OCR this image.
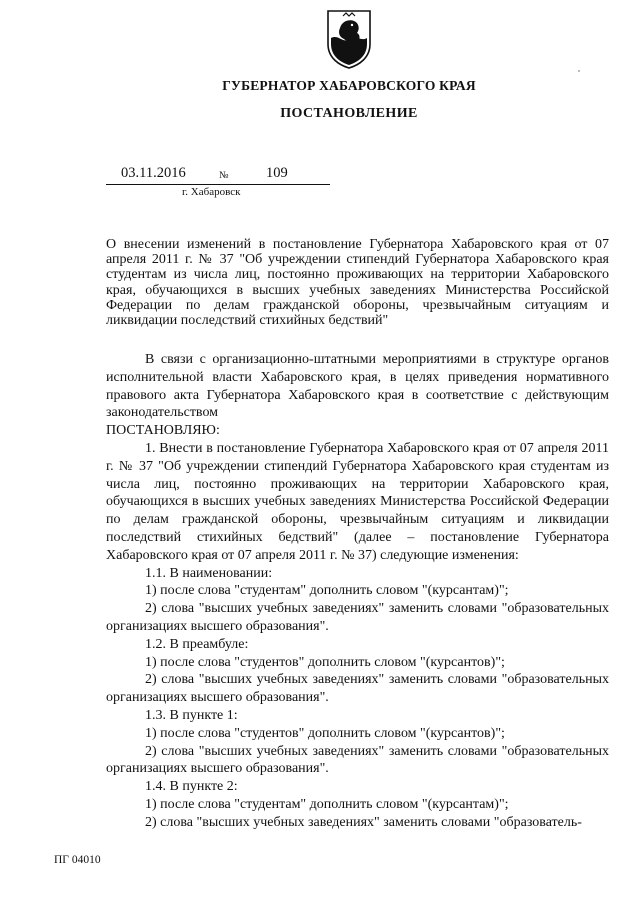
ГУБЕРНАТОР ХАБАРОВСКОГО КРАЯ
ПОСТАНОВЛЕНИЕ
03.11.2016	№	109
г. Хабаровск

О внесении изменений в постановление Губернатора Хабаровского края от 07 апреля 2011 г. № 37 "Об учреждении стипендий Губернатора Хабаровского края студентам из числа лиц, постоянно проживающих на территории Хабаровского края, обучающихся в высших учебных заведениях Министерства Российской Федерации по делам гражданской обороны, чрезвычайным ситуациям и ликвидации последствий стихийных бедствий"

В связи с организационно-штатными мероприятиями в структуре органов исполнительной власти Хабаровского края, в целях приведения нормативного правового акта Губернатора Хабаровского края в соответствие с действующим законодательством

ПОСТАНОВЛЯЮ:

1. Внести в постановление Губернатора Хабаровского края от 07 апреля 2011 г. № 37 "Об учреждении стипендий Губернатора Хабаровского края студентам из числа лиц, постоянно проживающих на территории Хабаровского края, обучающихся в высших учебных заведениях Министерства Российской Федерации по делам гражданской обороны, чрезвычайным ситуациям и ликвидации последствий стихийных бедствий" (далее – постановление Губернатора Хабаровского края от 07 апреля 2011 г. № 37) следующие изменения:

1.1. В наименовании:

1) после слова "студентам" дополнить словом "(курсантам)";

2) слова "высших учебных заведениях" заменить словами "образовательных организациях высшего образования".

1.2. В преамбуле:

1) после слова "студентов" дополнить словом "(курсантов)";

2) слова "высших учебных заведениях" заменить словами "образовательных организациях высшего образования".

1.3. В пункте 1:

1) после слова "студентов" дополнить словом "(курсантов)";

2) слова "высших учебных заведениях" заменить словами "образовательных организациях высшего образования".

1.4. В пункте 2:

1) после слова "студентам" дополнить словом "(курсантам)";

2) слова "высших учебных заведениях" заменить словами "образователь-

ПГ 04010
